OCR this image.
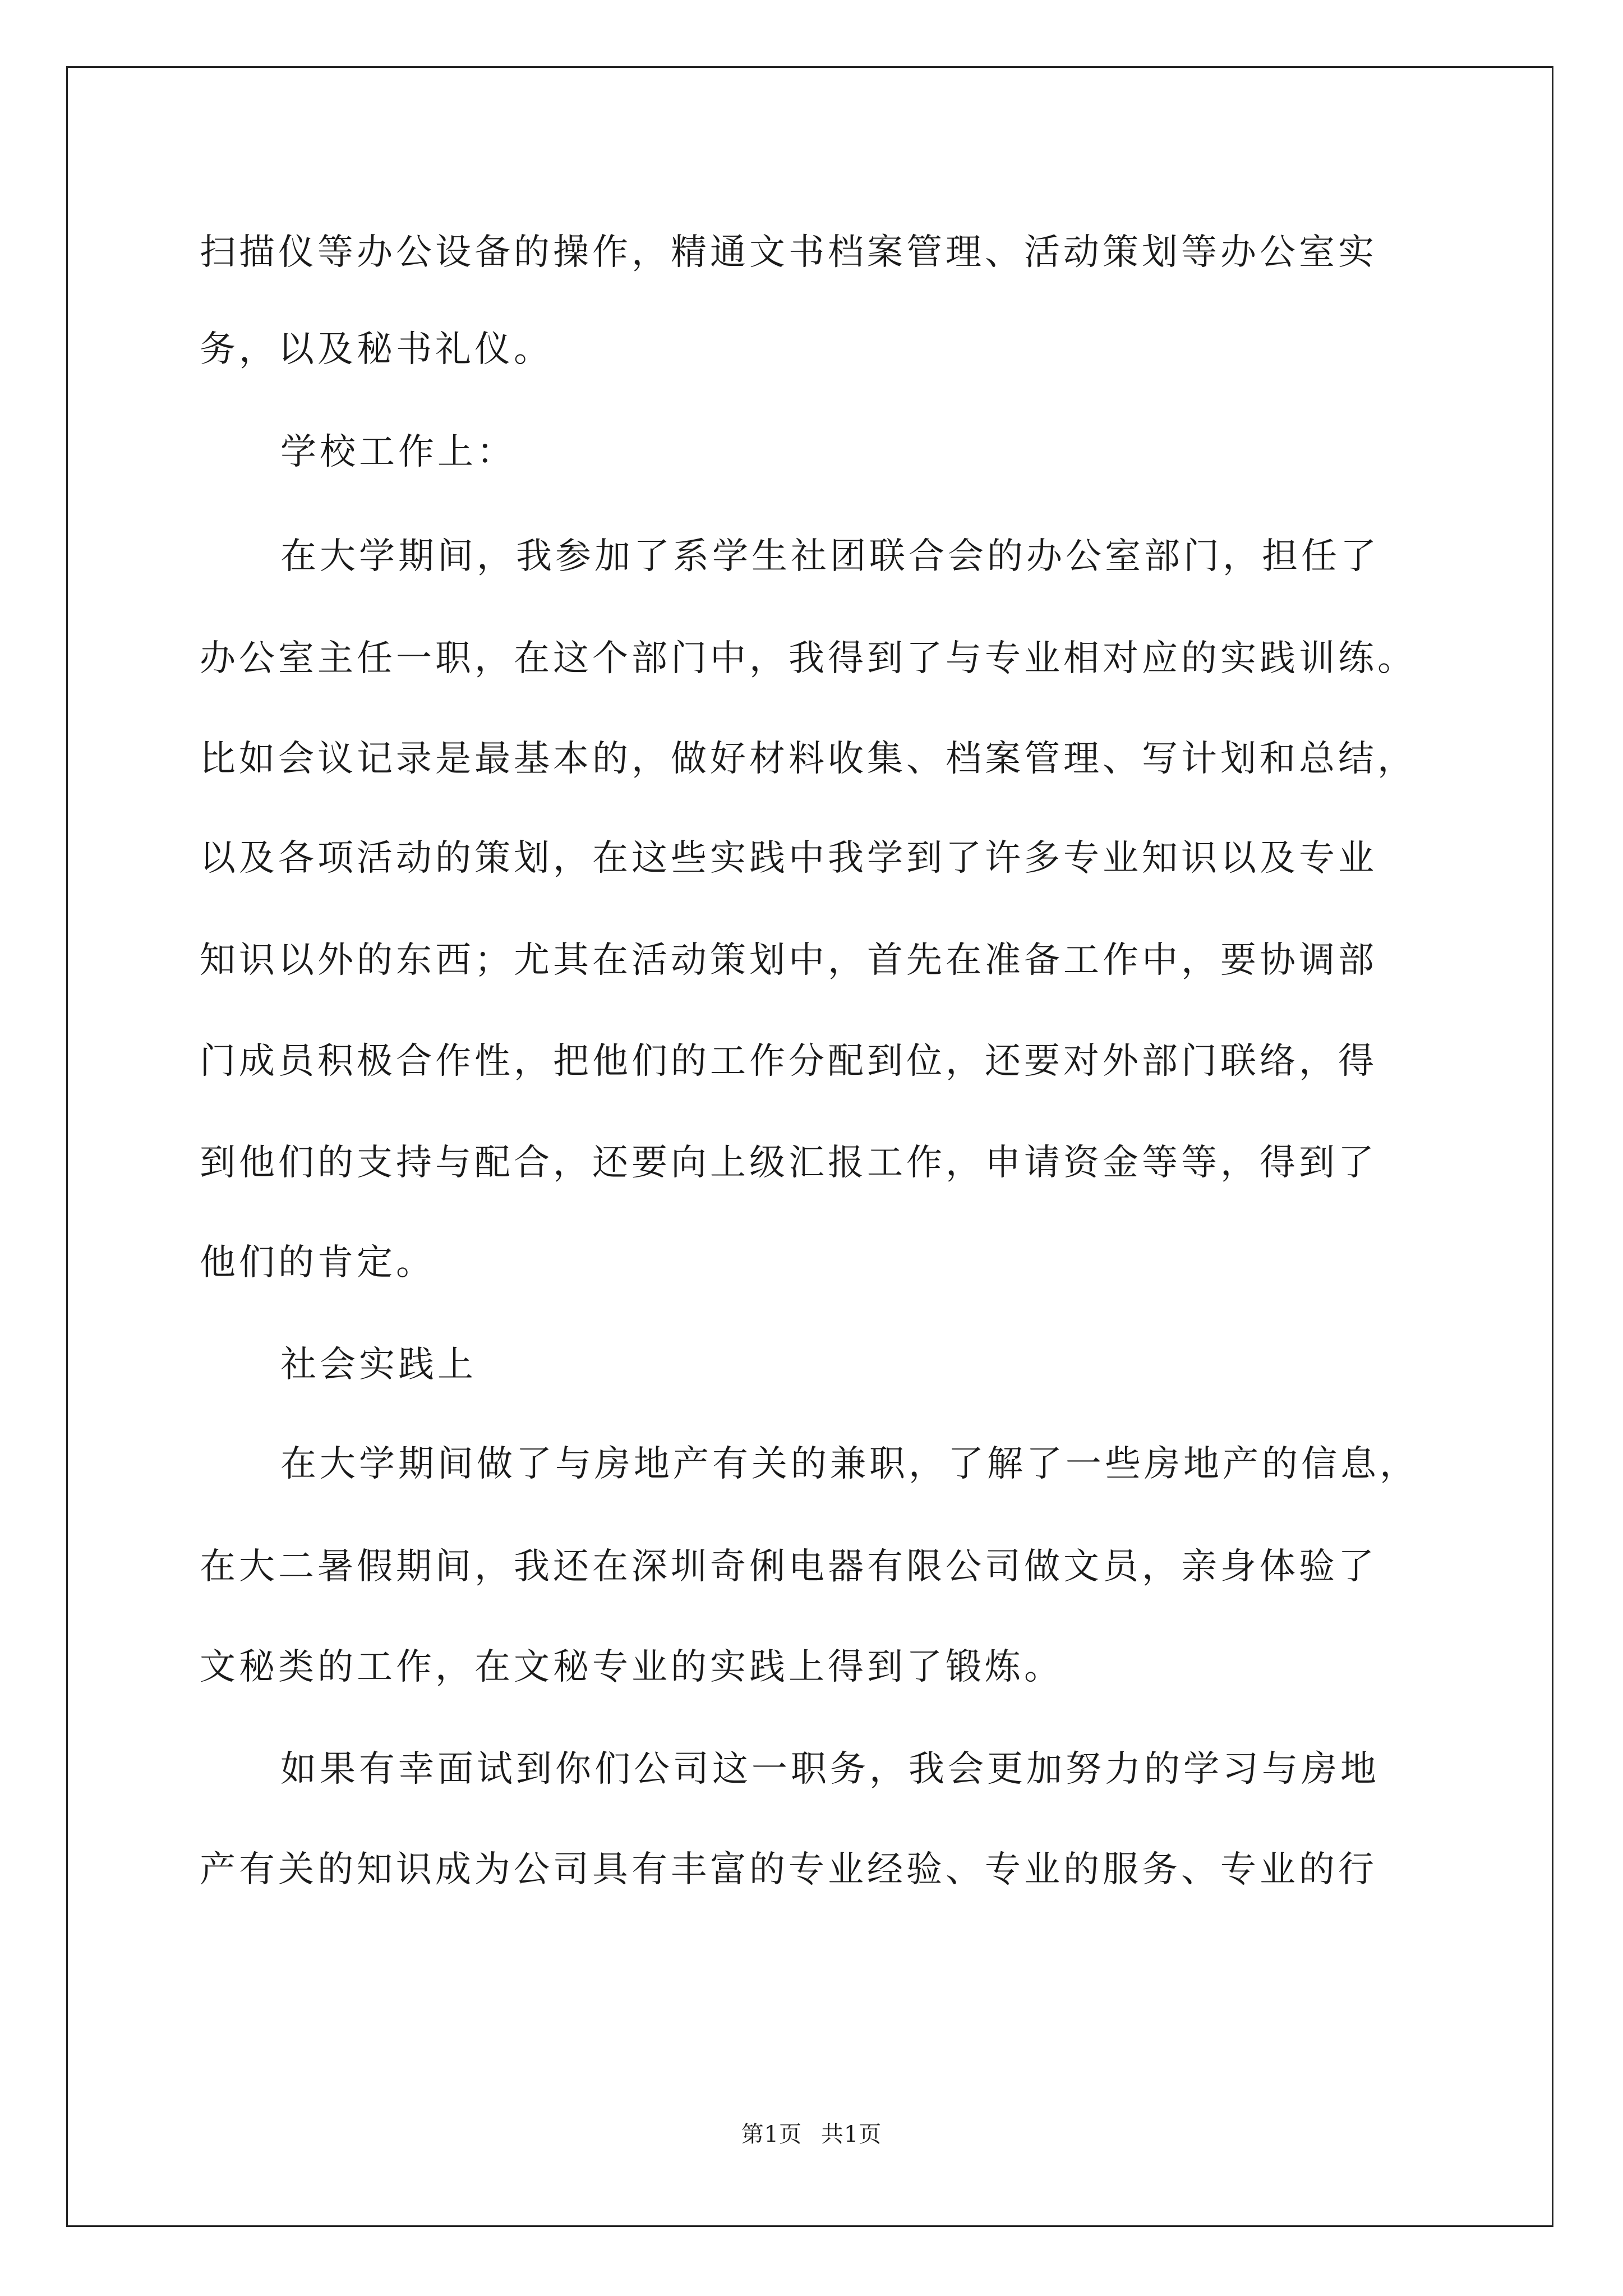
扫描仪等办公设备的操作，精通文书档案管理、活动策划等办公室实
务，以及秘书礼仪。
学校工作上：
在大学期间，我参加了系学生社团联合会的办公室部门，担任了
办公室主任一职，在这个部门中，我得到了与专业相对应的实践训练。
比如会议记录是最基本的，做好材料收集、档案管理、写计划和总结，
以及各项活动的策划，在这些实践中我学到了许多专业知识以及专业
知识以外的东西；尤其在活动策划中，首先在准备工作中，要协调部
门成员积极合作性，把他们的工作分配到位，还要对外部门联络，得
到他们的支持与配合，还要向上级汇报工作，申请资金等等，得到了
他们的肯定。
社会实践上
在大学期间做了与房地产有关的兼职，了解了一些房地产的信息，
在大二暑假期间，我还在深圳奇俐电器有限公司做文员，亲身体验了
文秘类的工作，在文秘专业的实践上得到了锻炼。
如果有幸面试到你们公司这一职务，我会更加努力的学习与房地
产有关的知识成为公司具有丰富的专业经验、专业的服务、专业的行
第1页 共1页
